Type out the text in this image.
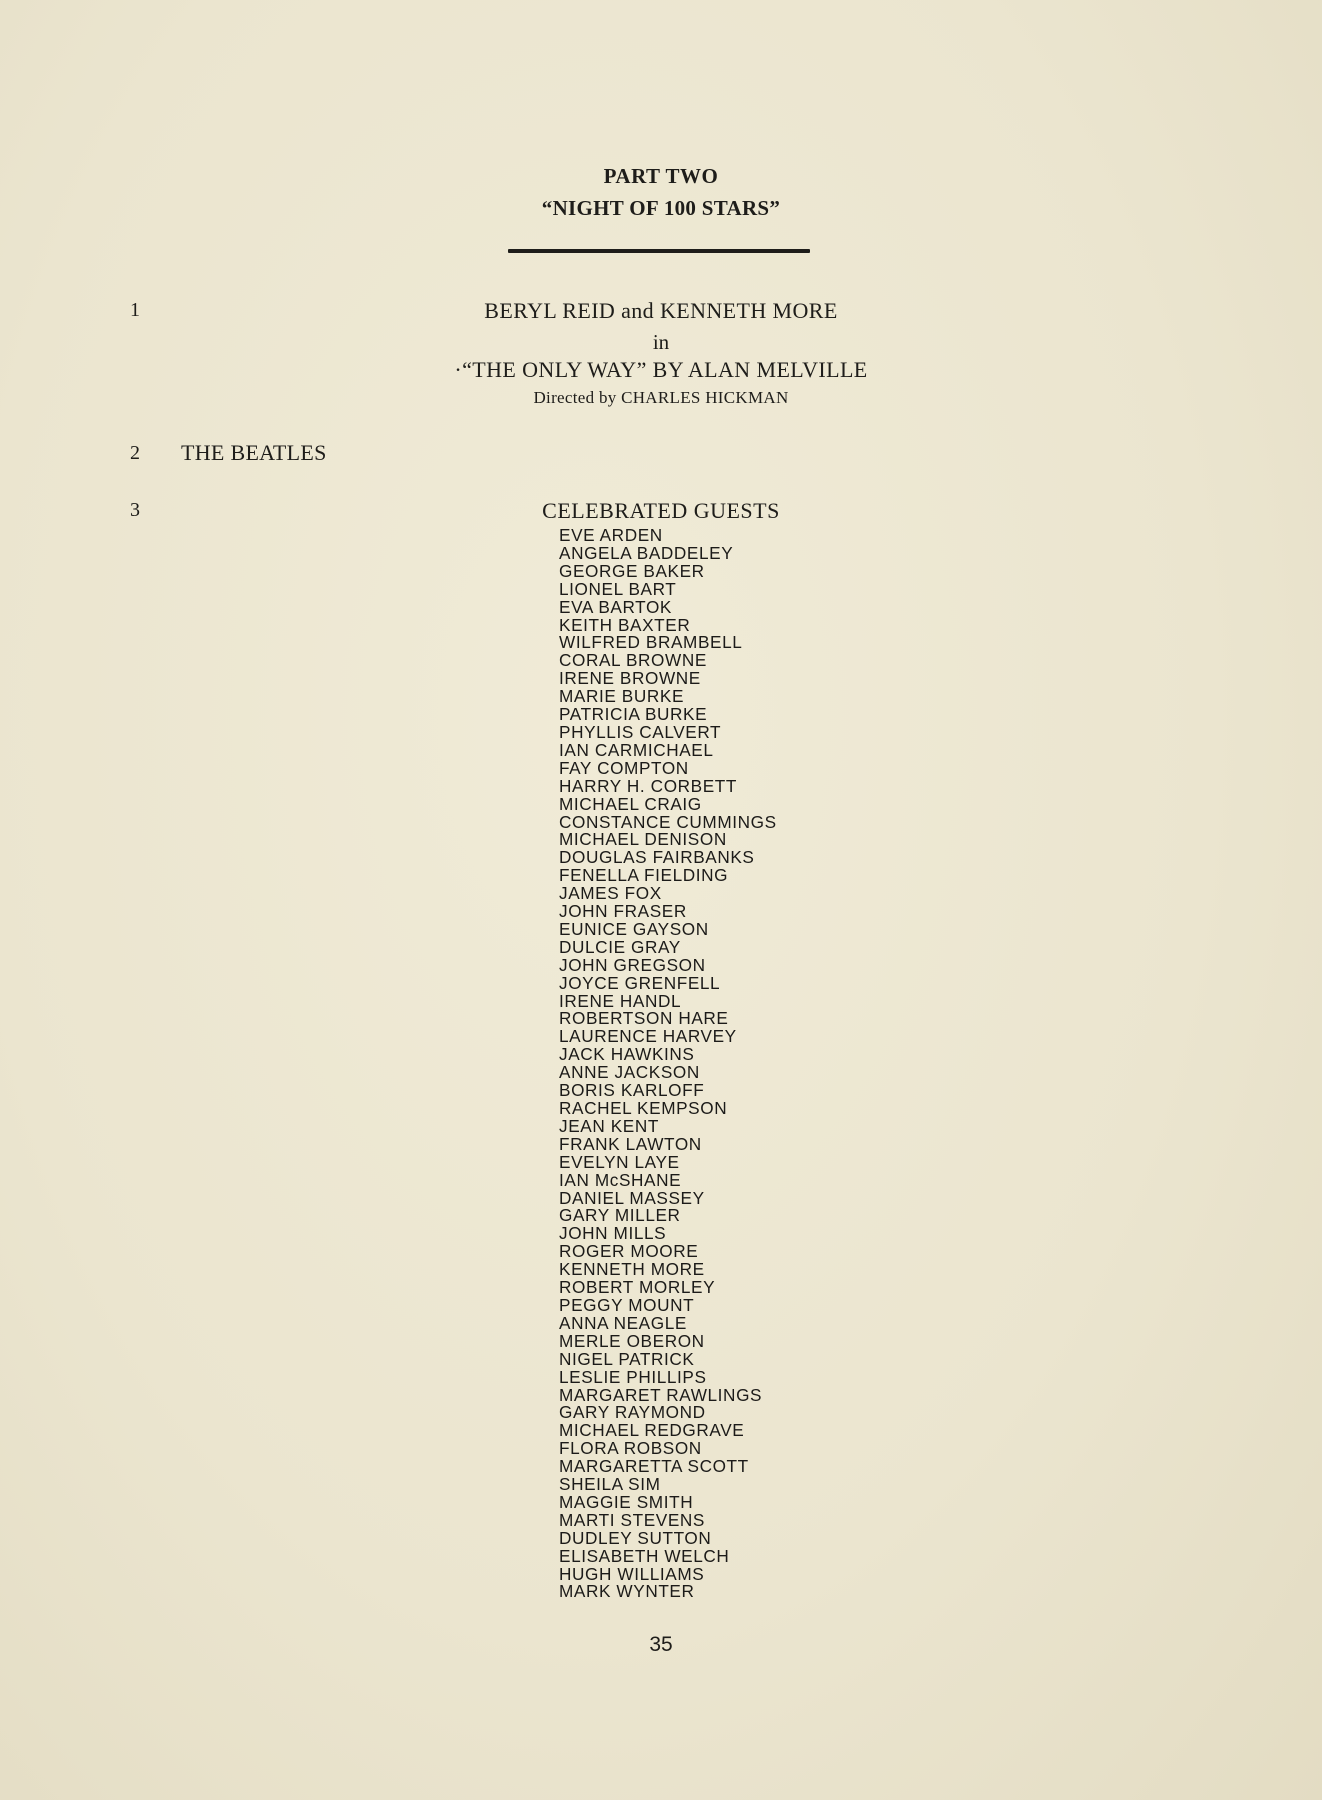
PART TWO
“NIGHT OF 100 STARS”
1	BERYL REID and KENNETH MORE
in
·“THE ONLY WAY” BY ALAN MELVILLE
Directed by CHARLES HICKMAN
2 THE BEATLES
3	CELEBRATED GUESTS
EVE ARDEN
ANGELA BADDELEY
GEORGE BAKER
LIONEL BART
EVA BARTOK
KEITH BAXTER
WILFRED BRAMBELL
CORAL BROWNE
IRENE BROWNE
MARIE BURKE
PATRICIA BURKE
PHYLLIS CALVERT
IAN CARMICHAEL
FAY COMPTON
HARRY H. CORBETT
MICHAEL CRAIG
CONSTANCE CUMMINGS
MICHAEL DENISON
DOUGLAS FAIRBANKS
FENELLA FIELDING
JAMES FOX
JOHN FRASER
EUNICE GAYSON
DULCIE GRAY
JOHN GREGSON
JOYCE GRENFELL
IRENE HANDL
ROBERTSON HARE
LAURENCE HARVEY
JACK HAWKINS
ANNE JACKSON
BORIS KARLOFF
RACHEL KEMPSON
JEAN KENT
FRANK LAWTON
EVELYN LAYE
IAN McSHANE
DANIEL MASSEY
GARY MILLER
JOHN MILLS
ROGER MOORE
KENNETH MORE
ROBERT MORLEY
PEGGY MOUNT
ANNA NEAGLE
MERLE OBERON
NIGEL PATRICK
LESLIE PHILLIPS
MARGARET RAWLINGS
GARY RAYMOND
MICHAEL REDGRAVE
FLORA ROBSON
MARGARETTA SCOTT
SHEILA SIM
MAGGIE SMITH
MARTI STEVENS
DUDLEY SUTTON
ELISABETH WELCH
HUGH WILLIAMS
MARK WYNTER
35
